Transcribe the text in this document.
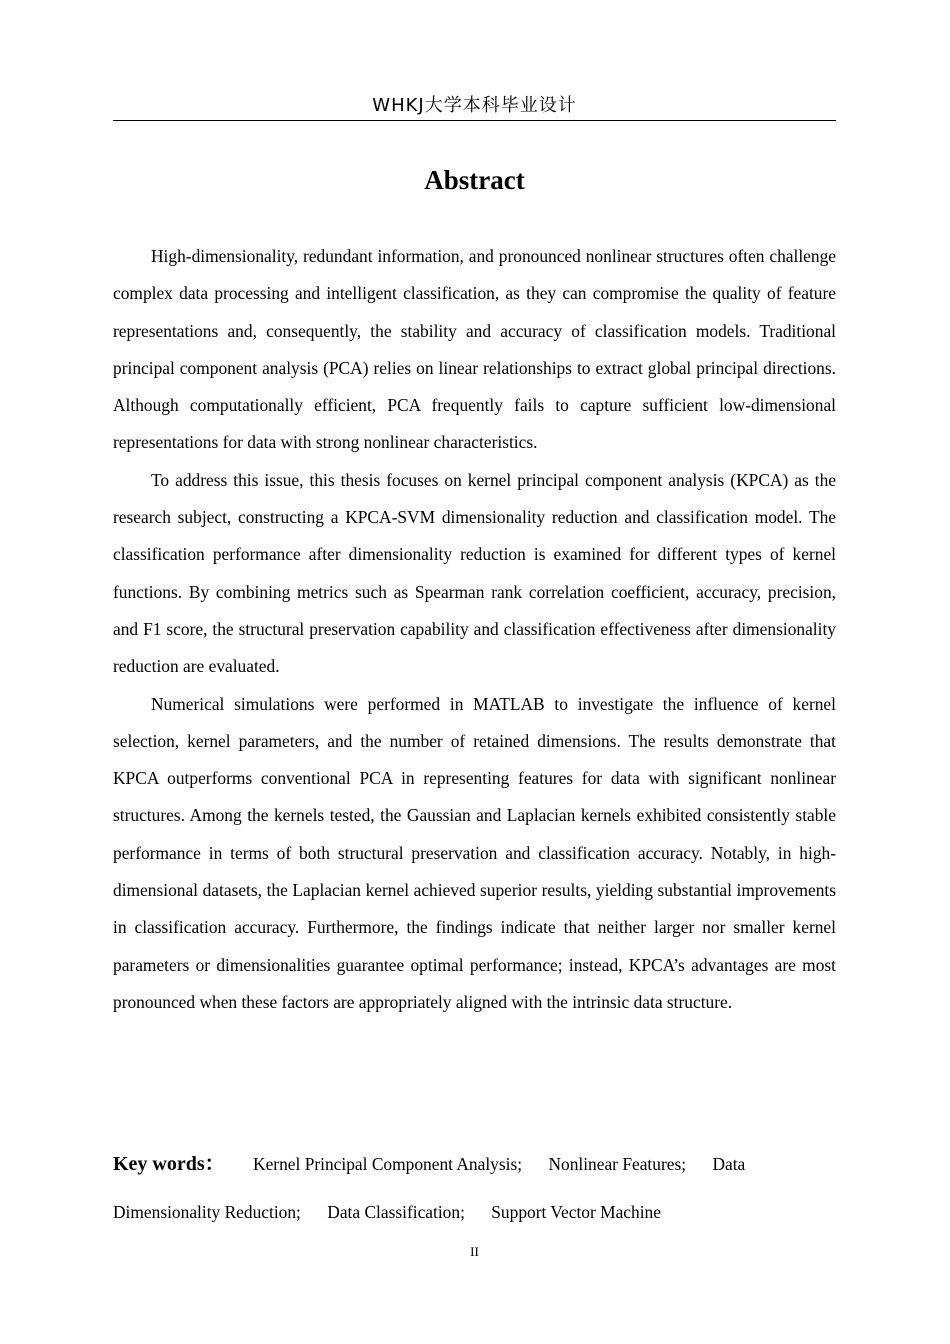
WHKJ大学本科毕业设计
Abstract

High-dimensionality, redundant information, and pronounced nonlinear structures often challenge complex data processing and intelligent classification, as they can compromise the quality of feature representations and, consequently, the stability and accuracy of classification models. Traditional principal component analysis (PCA) relies on linear relationships to extract global principal directions. Although computationally efficient, PCA frequently fails to capture sufficient low-dimensional representations for data with strong nonlinear characteristics.

To address this issue, this thesis focuses on kernel principal component analysis (KPCA) as the research subject, constructing a KPCA-SVM dimensionality reduction and classification model. The classification performance after dimensionality reduction is examined for different types of kernel functions. By combining metrics such as Spearman rank correlation coefficient, accuracy, precision, and F1 score, the structural preservation capability and classification effectiveness after dimensionality reduction are evaluated.

Numerical simulations were performed in MATLAB to investigate the influence of kernel selection, kernel parameters, and the number of retained dimensions. The results demonstrate that KPCA outperforms conventional PCA in representing features for data with significant nonlinear structures. Among the kernels tested, the Gaussian and Laplacian kernels exhibited consistently stable performance in terms of both structural preservation and classification accuracy. Notably, in high-dimensional datasets, the Laplacian kernel achieved superior results, yielding substantial improvements in classification accuracy. Furthermore, the findings indicate that neither larger nor smaller kernel parameters or dimensionalities guarantee optimal performance; instead, KPCA’s advantages are most pronounced when these factors are appropriately aligned with the intrinsic data structure.

Key words： Kernel Principal Component Analysis; Nonlinear Features; Data Dimensionality Reduction; Data Classification; Support Vector Machine
II
